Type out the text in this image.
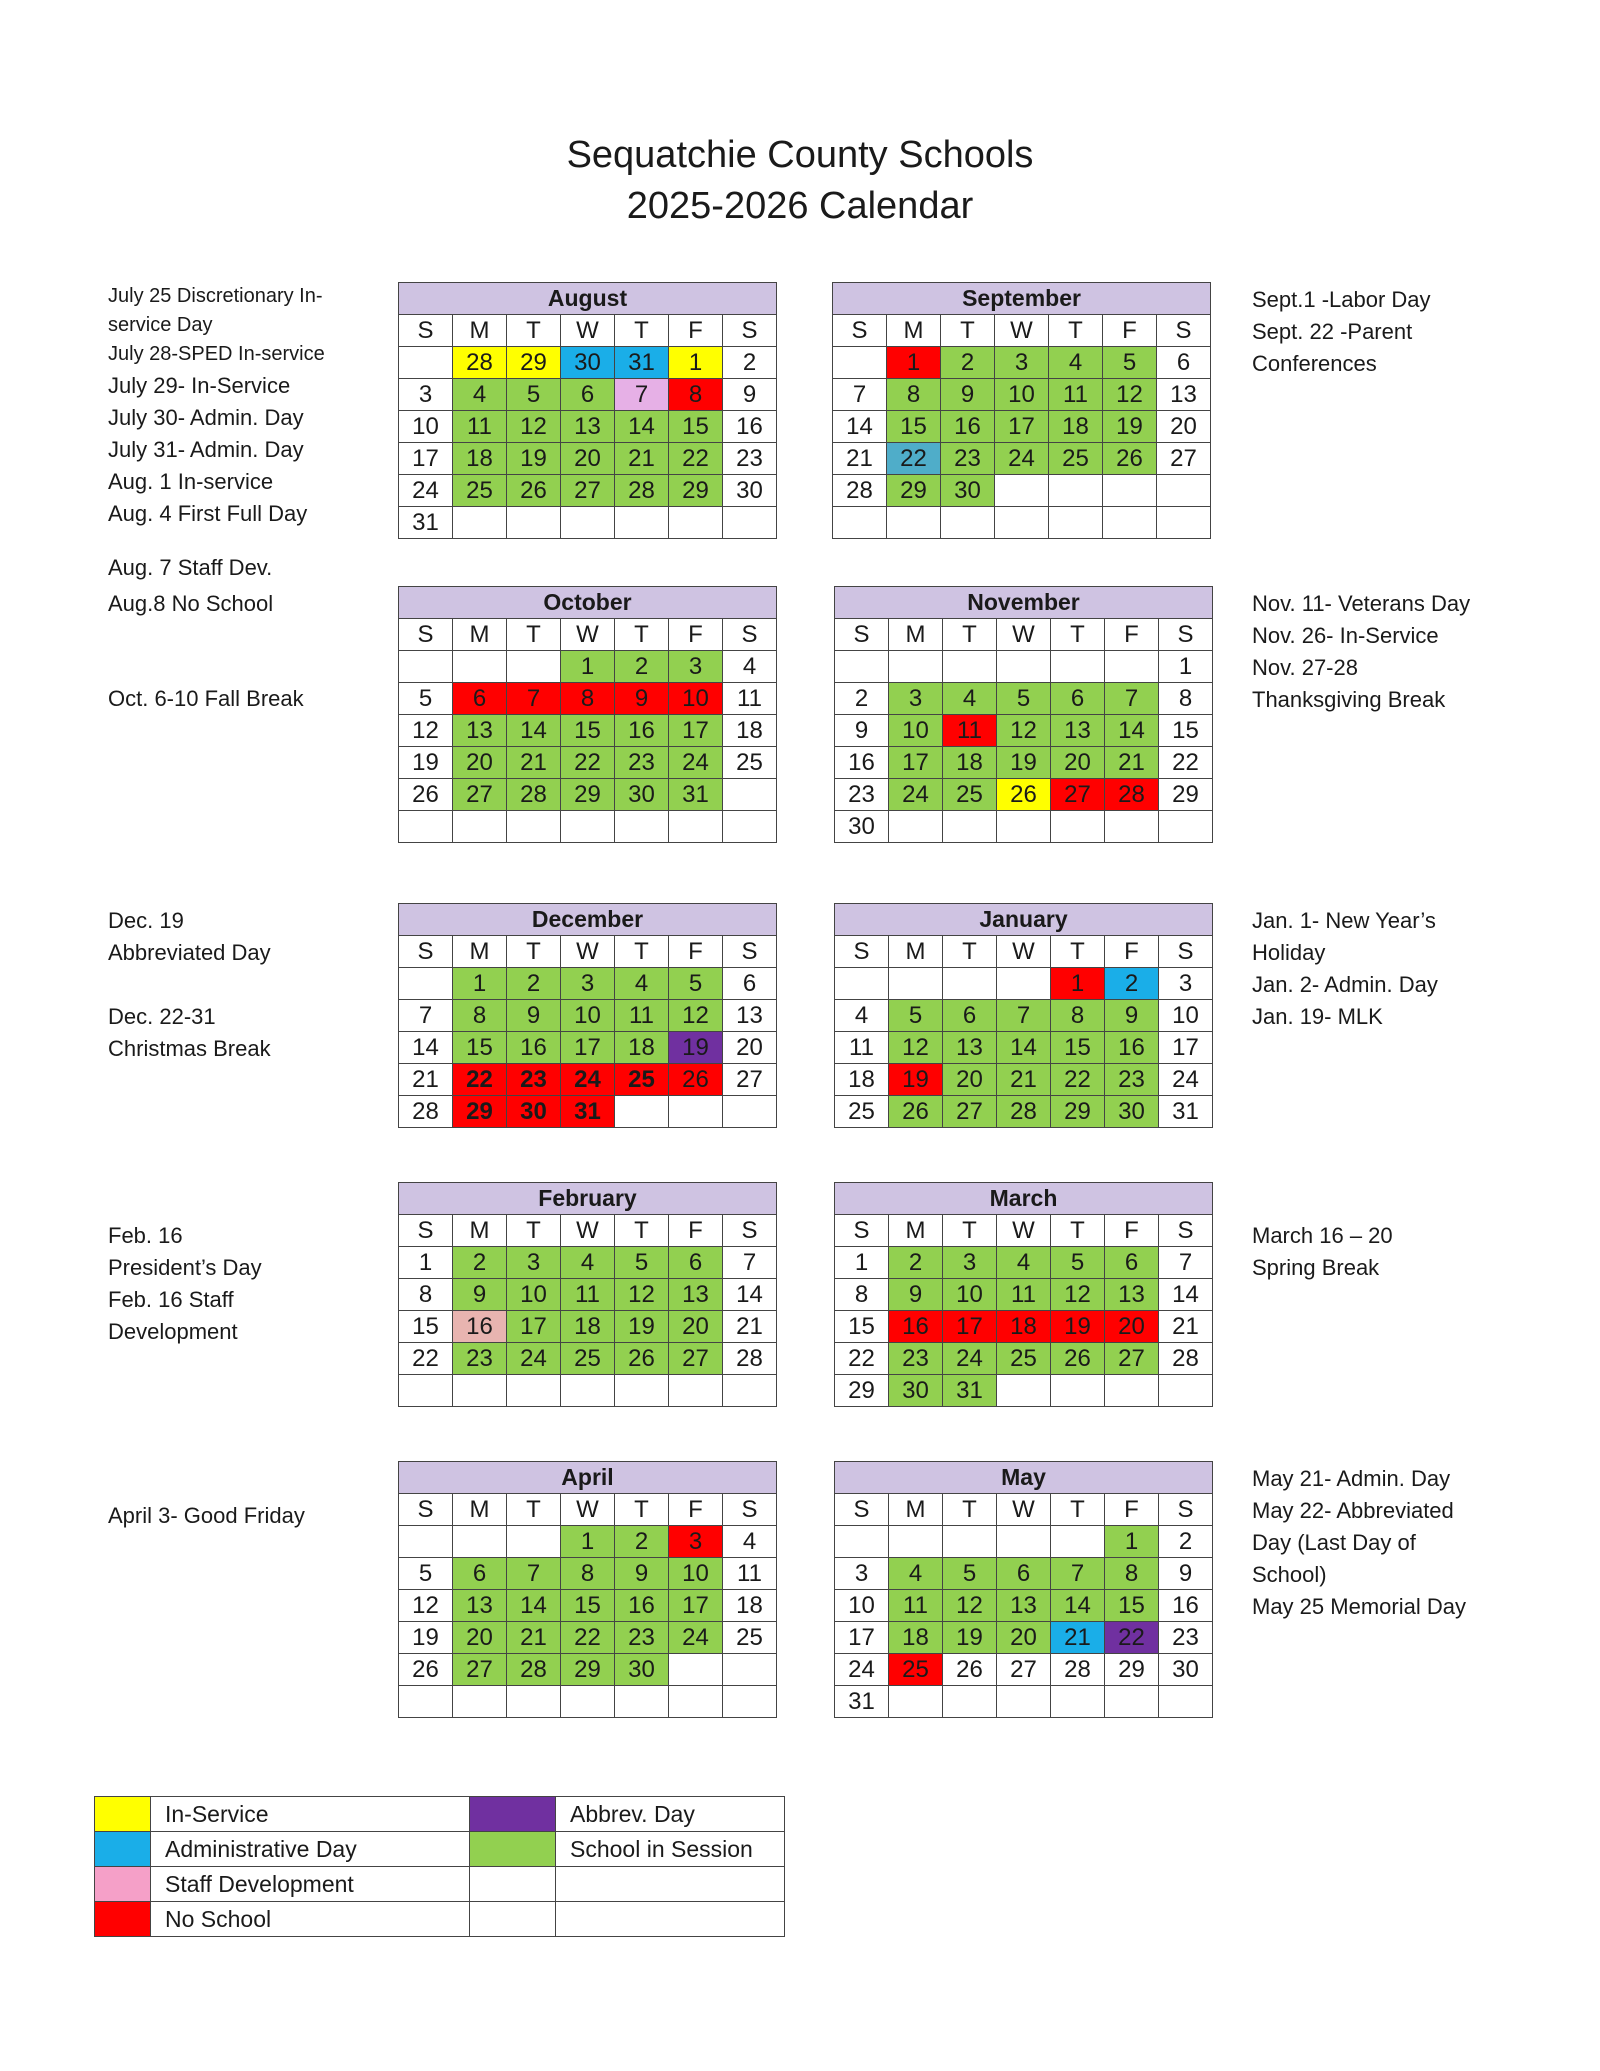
Sequatchie County Schools
2025-2026 Calendar
August						
S	M	T	W	T	F	S
	28	29	30	31	1	2
3	4	5	6	7	8	9
10	11	12	13	14	15	16
17	18	19	20	21	22	23
24	25	26	27	28	29	30
31						
September						
S	M	T	W	T	F	S
	1	2	3	4	5	6
7	8	9	10	11	12	13
14	15	16	17	18	19	20
21	22	23	24	25	26	27
28	29	30				

October						
S	M	T	W	T	F	S
			1	2	3	4
5	6	7	8	9	10	11
12	13	14	15	16	17	18
19	20	21	22	23	24	25
26	27	28	29	30	31	

November						
S	M	T	W	T	F	S
						1
2	3	4	5	6	7	8
9	10	11	12	13	14	15
16	17	18	19	20	21	22
23	24	25	26	27	28	29
30						
December						
S	M	T	W	T	F	S
	1	2	3	4	5	6
7	8	9	10	11	12	13
14	15	16	17	18	19	20
21	22	23	24	25	26	27
28	29	30	31			
January						
S	M	T	W	T	F	S
				1	2	3
4	5	6	7	8	9	10
11	12	13	14	15	16	17
18	19	20	21	22	23	24
25	26	27	28	29	30	31
February						
S	M	T	W	T	F	S
1	2	3	4	5	6	7
8	9	10	11	12	13	14
15	16	17	18	19	20	21
22	23	24	25	26	27	28

March						
S	M	T	W	T	F	S
1	2	3	4	5	6	7
8	9	10	11	12	13	14
15	16	17	18	19	20	21
22	23	24	25	26	27	28
29	30	31				
April						
S	M	T	W	T	F	S
			1	2	3	4
5	6	7	8	9	10	11
12	13	14	15	16	17	18
19	20	21	22	23	24	25
26	27	28	29	30		

May						
S	M	T	W	T	F	S
					1	2
3	4	5	6	7	8	9
10	11	12	13	14	15	16
17	18	19	20	21	22	23
24	25	26	27	28	29	30
31						
July 25 Discretionary In-
service Day
July 28-SPED In-service
July 29- In-Service
July 30- Admin. Day
July 31- Admin. Day
Aug. 1 In-service
Aug. 4 First Full Day
Aug. 7 Staff Dev.
Aug.8 No School
Sept.1 -Labor Day
Sept. 22 -Parent
Conferences
Oct. 6-10 Fall Break
Nov. 11- Veterans Day
Nov. 26- In-Service
Nov. 27-28
Thanksgiving Break
Dec. 19
Abbreviated Day
Dec. 22-31
Christmas Break
Jan. 1- New Year’s
Holiday
Jan. 2- Admin. Day
Jan. 19- MLK
Feb. 16
President’s Day
Feb. 16 Staff
Development
March 16 – 20
Spring Break
April 3- Good Friday
May 21- Admin. Day
May 22- Abbreviated
Day (Last Day of
School)
May 25 Memorial Day
	In-Service		Abbrev. Day
	Administrative Day		School in Session
	Staff Development		
	No School		
